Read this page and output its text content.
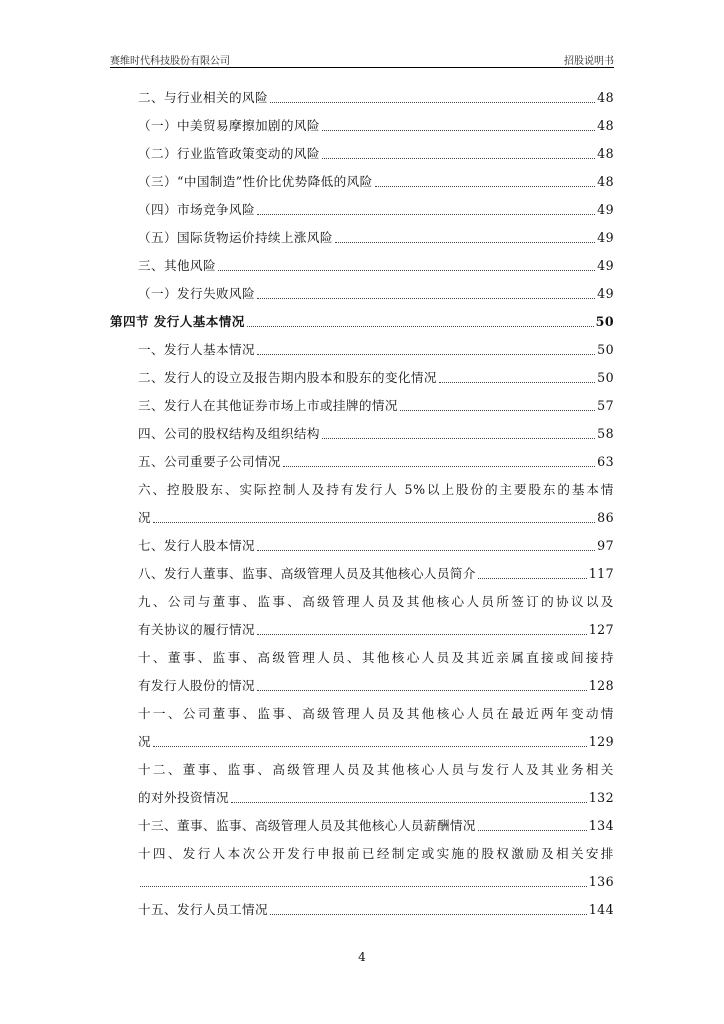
赛维时代科技股份有限公司	招股说明书
二、与行业相关的风险	48
（一）中美贸易摩擦加剧的风险	48
（二）行业监管政策变动的风险	48
（三）“中国制造”性价比优势降低的风险	48
（四）市场竞争风险	49
（五）国际货物运价持续上涨风险	49
三、其他风险	49
（一）发行失败风险	49
第四节 发行人基本情况	50
一、发行人基本情况	50
二、发行人的设立及报告期内股本和股东的变化情况	50
三、发行人在其他证券市场上市或挂牌的情况	57
四、公司的股权结构及组织结构	58
五、公司重要子公司情况	63
六、控股股东、实际控制人及持有发行人 5%以上股份的主要股东的基本情
况	86
七、发行人股本情况	97
八、发行人董事、监事、高级管理人员及其他核心人员简介	117
九、公司与董事、监事、高级管理人员及其他核心人员所签订的协议以及
有关协议的履行情况	127
十、董事、监事、高级管理人员、其他核心人员及其近亲属直接或间接持
有发行人股份的情况	128
十一、公司董事、监事、高级管理人员及其他核心人员在最近两年变动情
况	129
十二、董事、监事、高级管理人员及其他核心人员与发行人及其业务相关
的对外投资情况	132
十三、董事、监事、高级管理人员及其他核心人员薪酬情况	134
十四、发行人本次公开发行申报前已经制定或实施的股权激励及相关安排
136
十五、发行人员工情况	144
4
